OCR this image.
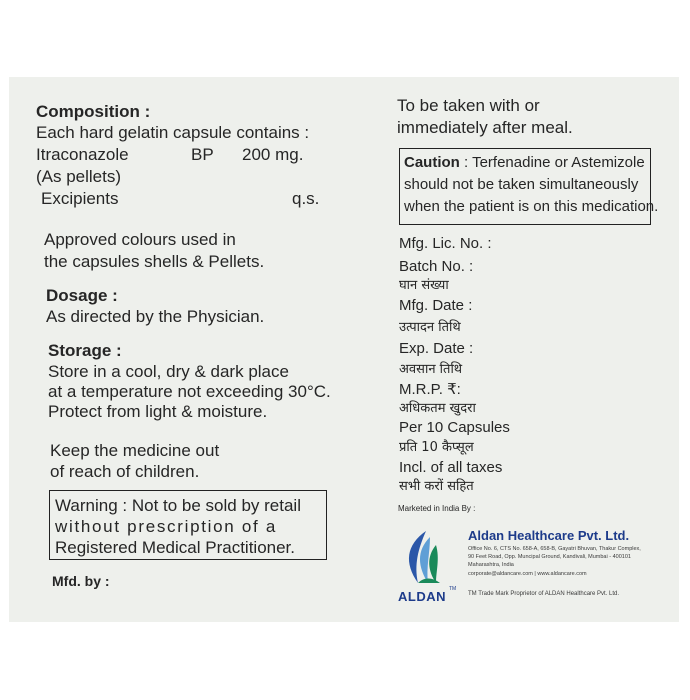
Composition :
Each hard gelatin capsule contains :
Itraconazole	BP 200 mg.
(As pellets)
Excipients	q.s.
Approved colours used in
the capsules shells & Pellets.
Dosage :
As directed by the Physician.
Storage :
Store in a cool, dry & dark place
at a temperature not exceeding 30°C.
Protect from light & moisture.
Keep the medicine out
of reach of children.
Warning : Not to be sold by retail
without prescription of a
Registered Medical Practitioner.
Mfd. by :
To be taken with or
immediately after meal.
Caution : Terfenadine or Astemizole
should not be taken simultaneously
when the patient is on this medication.
Mfg. Lic. No. :
Batch No. :
घान संख्या
Mfg. Date :
उत्पादन तिथि
Exp. Date :
अवसान तिथि
M.R.P. ₹:
अधिकतम खुदरा
Per 10 Capsules
प्रति 10 कैप्सूल
Incl. of all taxes
सभी करों सहित
Marketed in India By :
ALDAN TM
Aldan Healthcare Pvt. Ltd.
Office No. 6, CTS No. 658-A, 658-B, Gayatri Bhuvan, Thakur Complex,
90 Feet Road, Opp. Muncipal Ground, Kandivali, Mumbai - 400101
Maharashtra, India
corporate@aldancare.com | www.aldancare.com
TM Trade Mark Proprietor of ALDAN Healthcare Pvt. Ltd.
